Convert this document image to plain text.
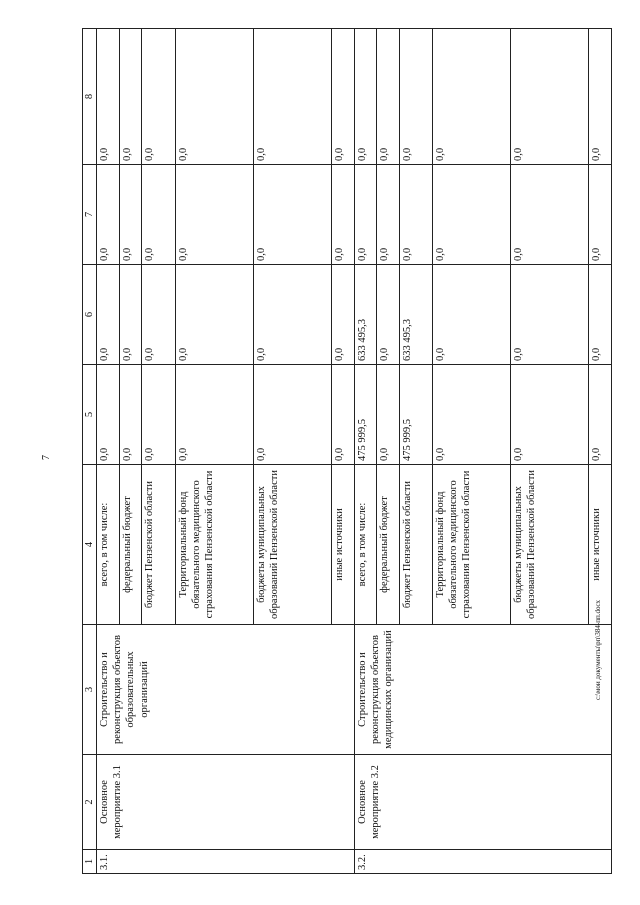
7
c:\мои документы\рп\384-пп.docx
1	2	3	4	5	6	7	8
3.1.	Основное мероприятие 3.1	Строительство и реконструкция объектов образовательных организаций	всего, в том числе:	0,0	0,0	0,0	0,0
			федеральный бюджет	0,0	0,0	0,0	0,0
			бюджет Пензенской области	0,0	0,0	0,0	0,0
			Территориальный фонд обязательного медицинского страхования Пензенской области	0,0	0,0	0,0	0,0
			бюджеты муниципальных образований Пензенской области	0,0	0,0	0,0	0,0
			иные источники	0,0	0,0	0,0	0,0
3.2.	Основное мероприятие 3.2	Строительство и реконструкция объектов медицинских организаций	всего, в том числе:	475 999,5	633 495,3	0,0	0,0
			федеральный бюджет	0,0	0,0	0,0	0,0
			бюджет Пензенской области	475 999,5	633 495,3	0,0	0,0
			Территориальный фонд обязательного медицинского страхования Пензенской области	0,0	0,0	0,0	0,0
			бюджеты муниципальных образований Пензенской области	0,0	0,0	0,0	0,0
			иные источники	0,0	0,0	0,0	0,0
